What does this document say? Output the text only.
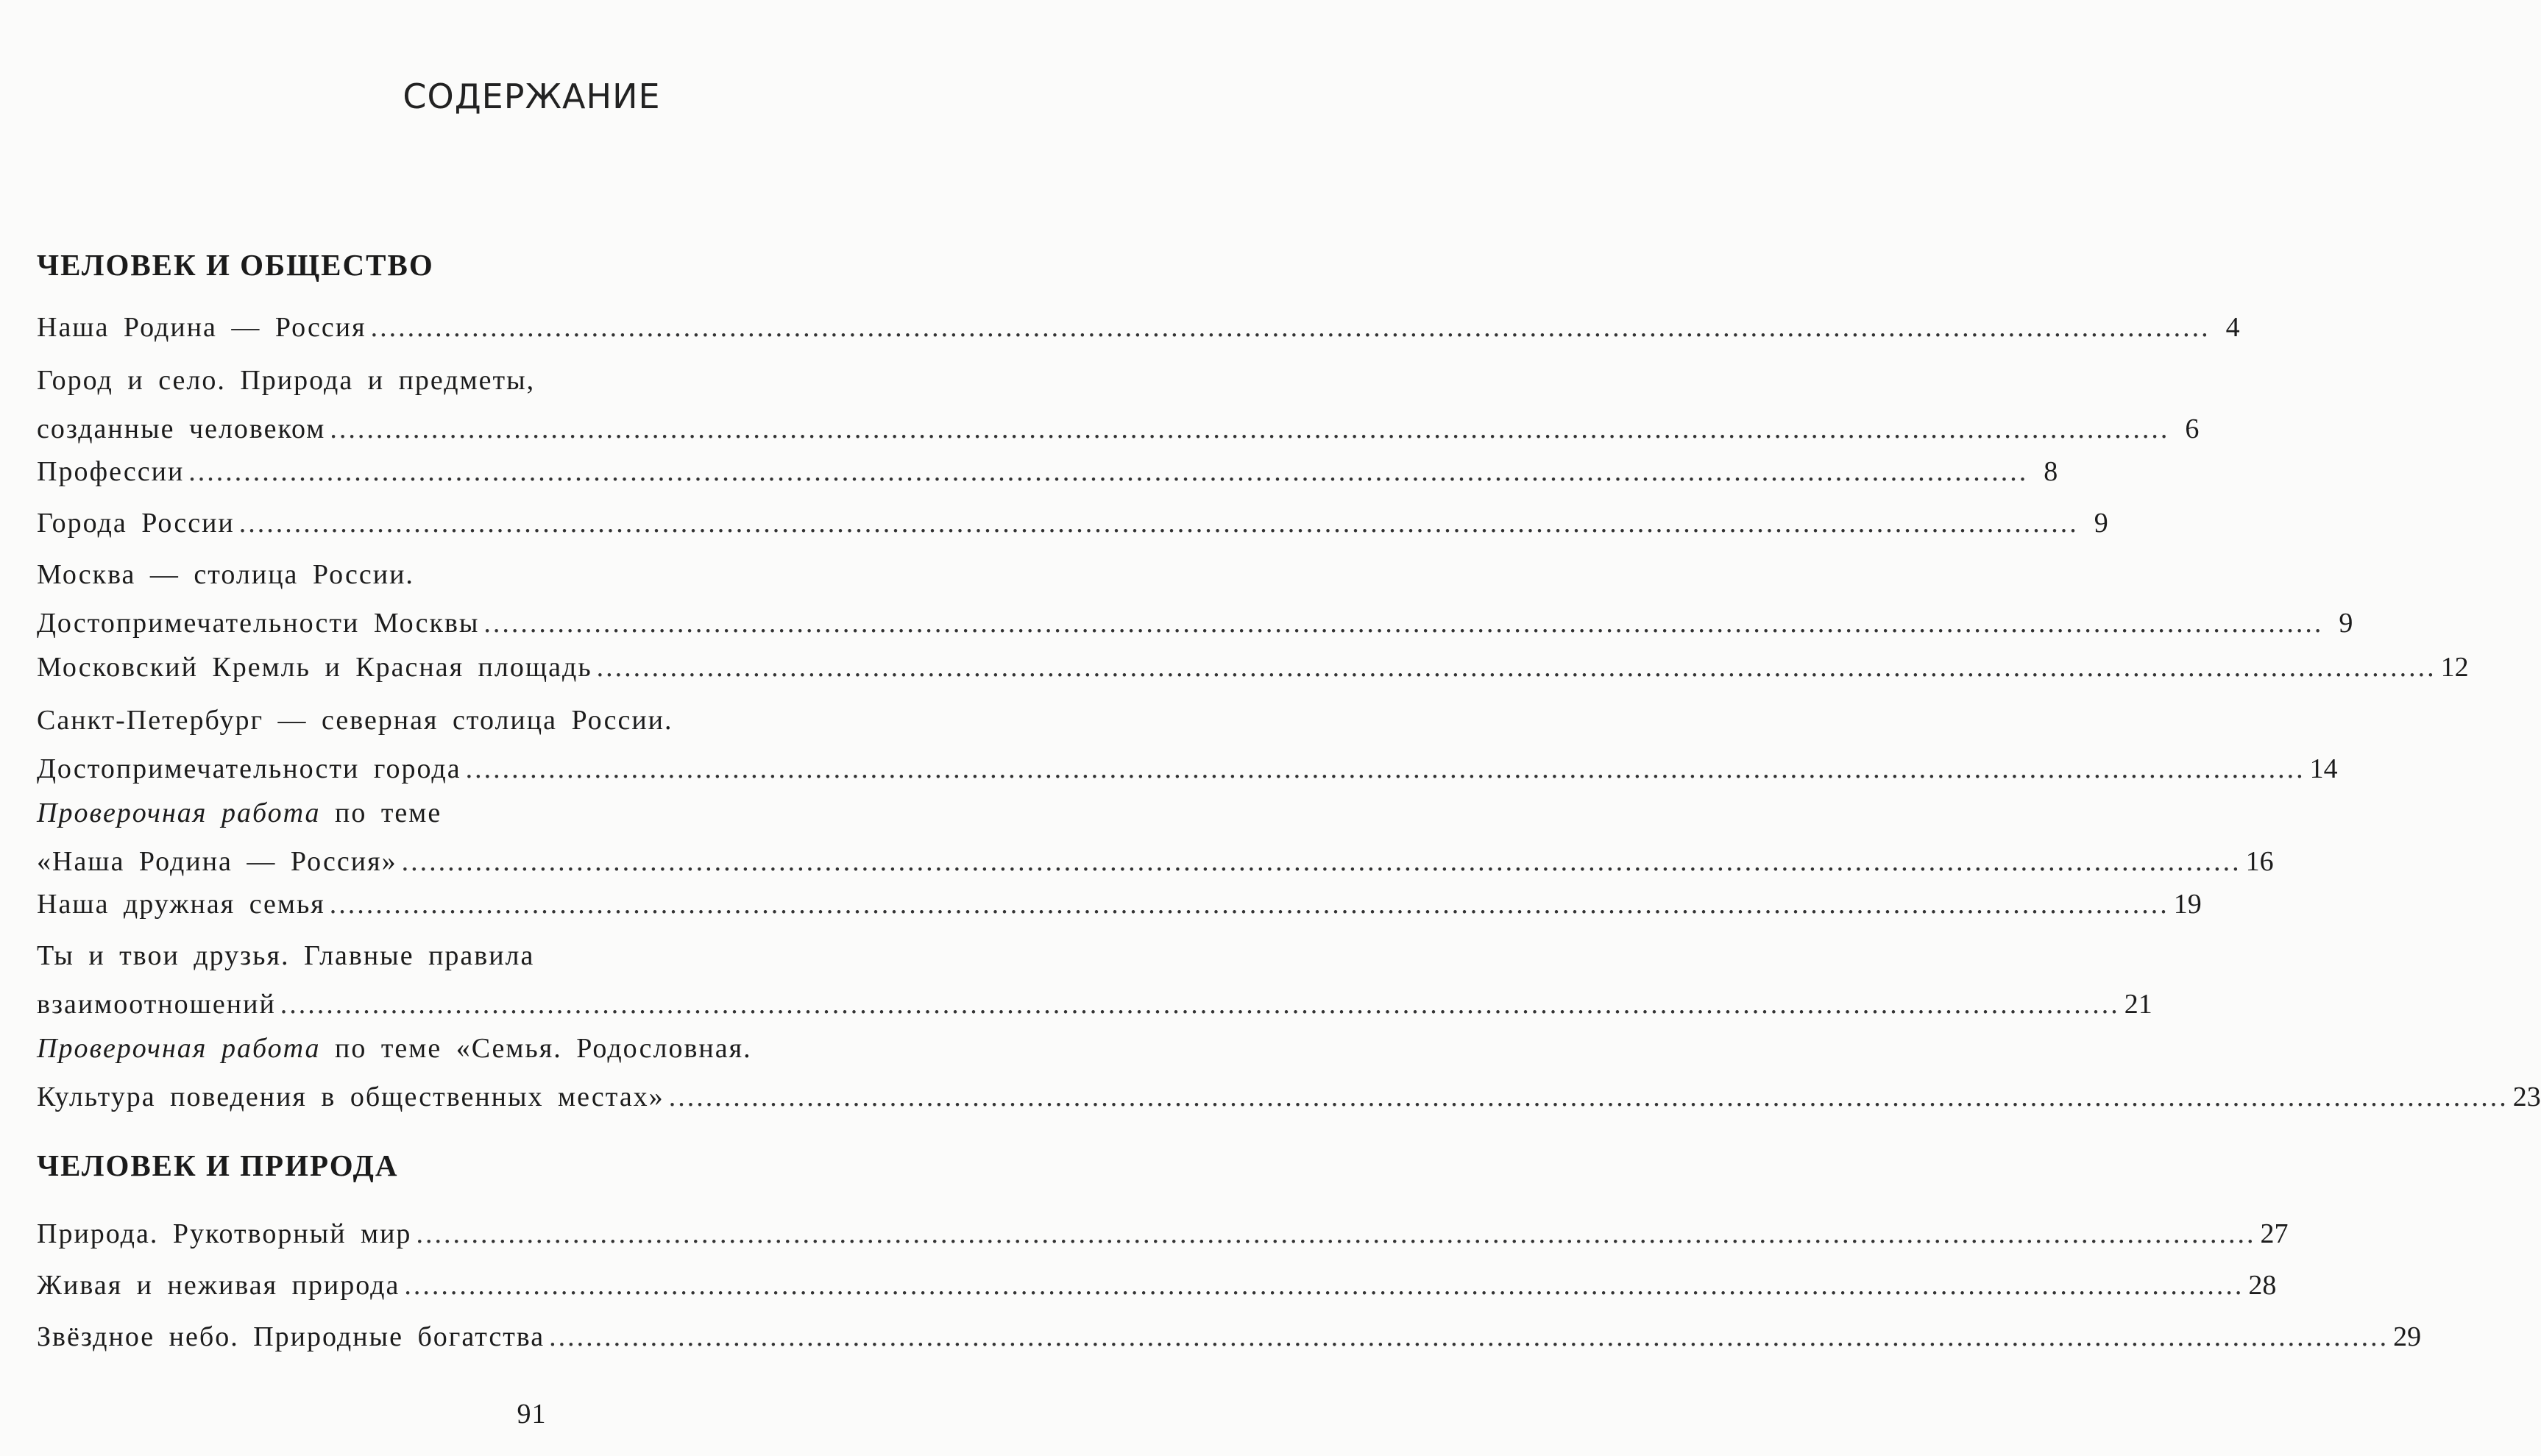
СОДЕРЖАНИЕ
ЧЕЛОВЕК И ОБЩЕСТВО
Наша Родина — Россия ........................................................................................................................................................................................................ 4
Город и село. Природа и предметы,
созданные человеком ........................................................................................................................................................................................................ 6
Профессии ........................................................................................................................................................................................................ 8
Города России ........................................................................................................................................................................................................ 9
Москва — столица России.
Достопримечательности Москвы ........................................................................................................................................................................................................ 9
Московский Кремль и Красная площадь ........................................................................................................................................................................................................ 12
Санкт-Петербург — северная столица России.
Достопримечательности города ........................................................................................................................................................................................................ 14
Проверочная работа по теме
«Наша Родина — Россия» ........................................................................................................................................................................................................ 16
Наша дружная семья ........................................................................................................................................................................................................ 19
Ты и твои друзья. Главные правила
взаимоотношений ........................................................................................................................................................................................................ 21
Проверочная работа по теме «Семья. Родословная.
Культура поведения в общественных местах» ........................................................................................................................................................................................................ 23
ЧЕЛОВЕК И ПРИРОДА
Природа. Рукотворный мир ........................................................................................................................................................................................................ 27
Живая и неживая природа ........................................................................................................................................................................................................ 28
Звёздное небо. Природные богатства ........................................................................................................................................................................................................ 29
91
